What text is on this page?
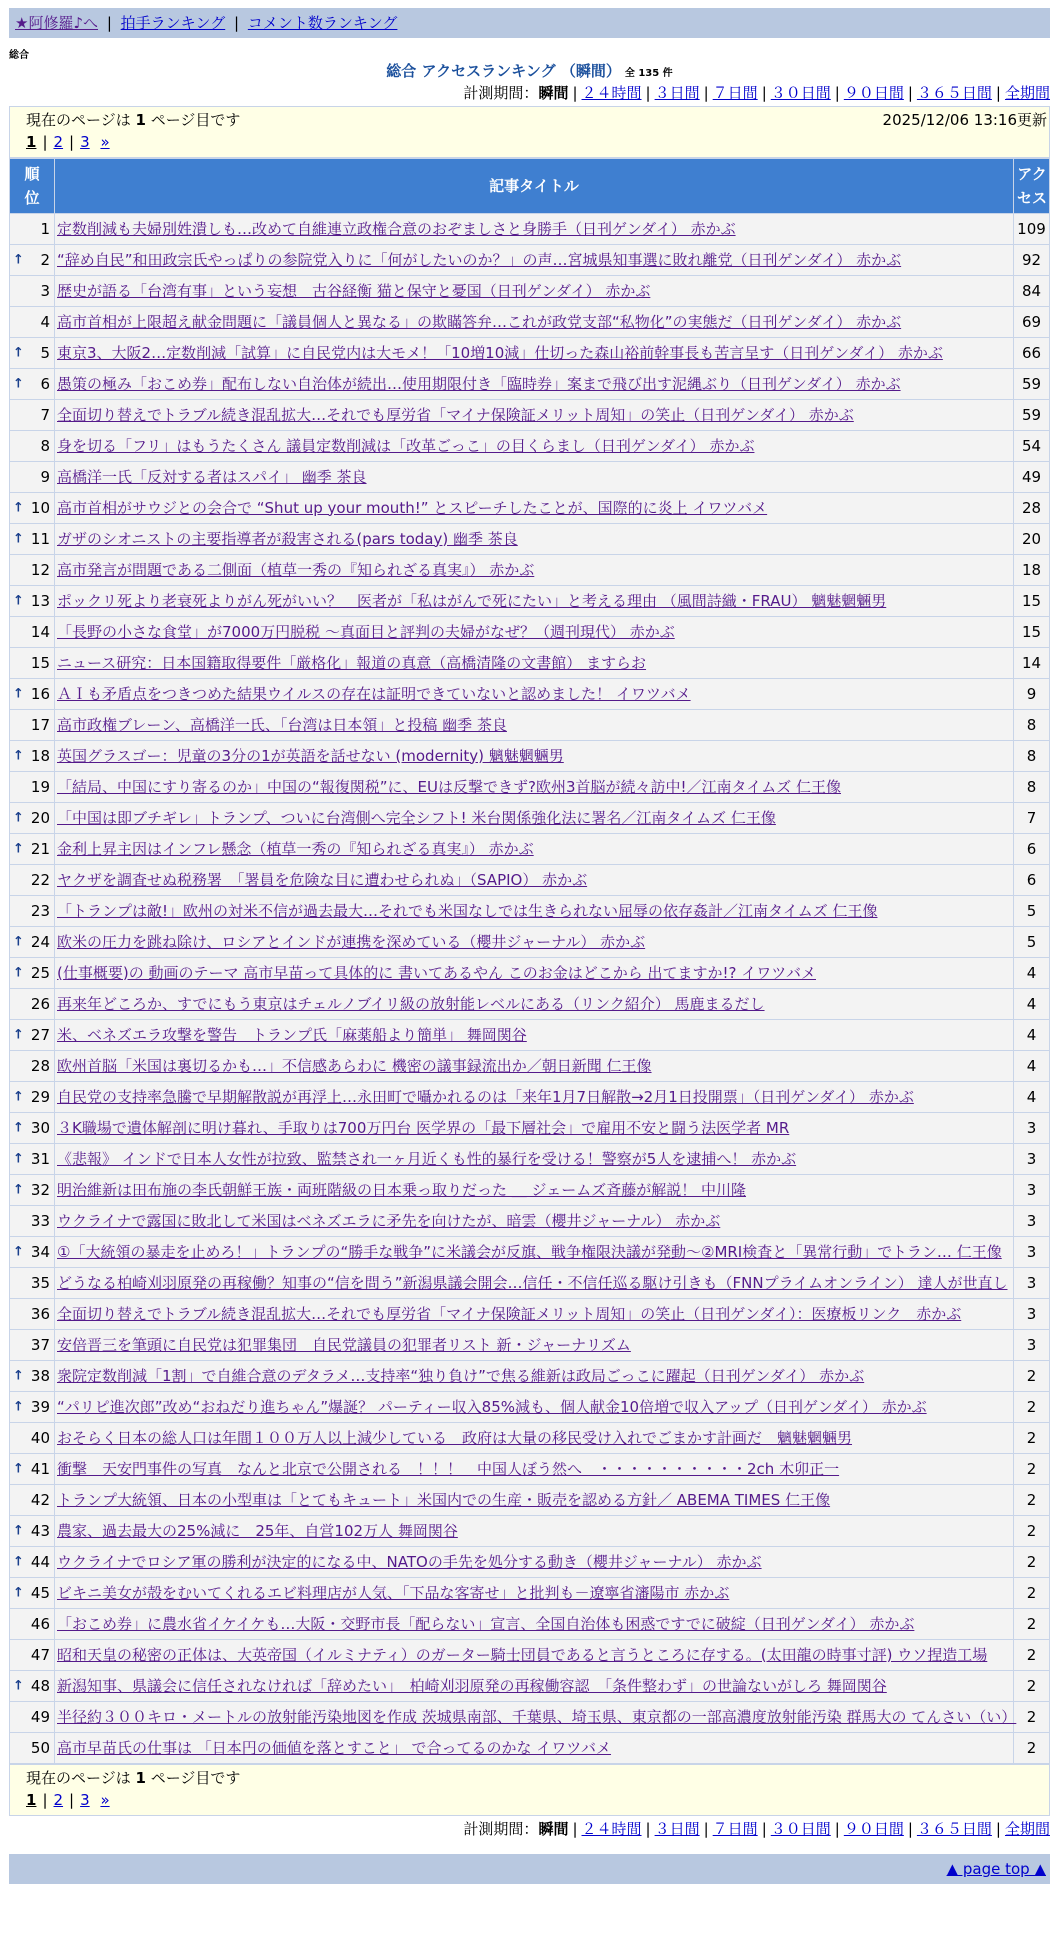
★阿修羅♪へ | 拍手ランキング | コメント数ランキング
総合
総合 アクセスランキング （瞬間） 全 135 件
計測期間：瞬間 | ２４時間 | ３日間 | ７日間 | ３０日間 | ９０日間 | ３６５日間 | 全期間
現在のページは 1 ページ目です	2025/12/06 13:16更新
1 | 2 | 3 »
順位	記事タイトル	アクセス
1	定数削減も夫婦別姓潰しも…改めて自維連立政権合意のおぞましさと身勝手（日刊ゲンダイ） 赤かぶ	109

↑ 2	“辞め自民”和田政宗氏やっぱりの参院党入りに「何がしたいのか？」の声…宮城県知事選に敗れ離党（日刊ゲンダイ） 赤かぶ	92
3	歴史が語る「台湾有事」という妄想　古谷経衡 猫と保守と憂国（日刊ゲンダイ） 赤かぶ	84
4	高市首相が上限超え献金問題に「議員個人と異なる」の欺瞞答弁…これが政党支部“私物化”の実態だ（日刊ゲンダイ） 赤かぶ	69

↑ 5	東京3、大阪2…定数削減「試算」に自民党内は大モメ！「10増10減」仕切った森山裕前幹事長も苦言呈す（日刊ゲンダイ） 赤かぶ	66

↑ 6	愚策の極み「おこめ券」配布しない自治体が続出…使用期限付き「臨時券」案まで飛び出す泥縄ぶり（日刊ゲンダイ） 赤かぶ	59
7	全面切り替えでトラブル続き混乱拡大…それでも厚労省「マイナ保険証メリット周知」の笑止（日刊ゲンダイ） 赤かぶ	59
8	身を切る「フリ」はもうたくさん 議員定数削減は「改革ごっこ」の目くらまし（日刊ゲンダイ） 赤かぶ	54
9	高橋洋一氏「反対する者はスパイ」 幽季 茶良	49

↑ 10	高市首相がサウジとの会合で “Shut up your mouth!” とスピーチしたことが、国際的に炎上 イワツバメ	28

↑ 11	ガザのシオニストの主要指導者が殺害される(pars today) 幽季 茶良	20
12	高市発言が問題である二側面（植草一秀の『知られざる真実』） 赤かぶ	18

↑ 13	ポックリ死より老衰死よりがん死がいい？　医者が「私はがんで死にたい」と考える理由 （風間詩織・FRAU） 魑魅魍魎男	15
14	「長野の小さな食堂」が7000万円脱税 ～真面目と評判の夫婦がなぜ？（週刊現代） 赤かぶ	15
15	ニュース研究：日本国籍取得要件「厳格化」報道の真意（高橋清隆の文書館） ますらお	14

↑ 16	ＡＩも矛盾点をつきつめた結果ウイルスの存在は証明できていないと認めました！ イワツバメ	9
17	高市政権ブレーン、高橋洋一氏、「台湾は日本領」と投稿 幽季 茶良	8

↑ 18	英国グラスゴー：児童の3分の1が英語を話せない (modernity) 魑魅魍魎男	8
19	「結局、中国にすり寄るのか」中国の“報復関税”に、EUは反撃できず?欧州3首脳が続々訪中!／江南タイムズ 仁王像	8

↑ 20	「中国は即ブチギレ」トランプ、ついに台湾側へ完全シフト! 米台関係強化法に署名／江南タイムズ 仁王像	7

↑ 21	金利上昇主因はインフレ懸念（植草一秀の『知られざる真実』） 赤かぶ	6
22	ヤクザを調査せぬ税務署　「署員を危険な目に遭わせられぬ」（SAPIO） 赤かぶ	6
23	「トランプは敵!」欧州の対米不信が過去最大…それでも米国なしでは生きられない屈辱の依存姦計／江南タイムズ 仁王像	5

↑ 24	欧米の圧力を跳ね除け、ロシアとインドが連携を深めている（櫻井ジャーナル） 赤かぶ	5

↑ 25	(仕事概要)の 動画のテーマ 高市早苗って具体的に 書いてあるやん このお金はどこから 出てますか!? イワツバメ	4
26	再来年どころか、すでにもう東京はチェルノブイリ級の放射能レベルにある（リンク紹介） 馬鹿まるだし	4

↑ 27	米、ベネズエラ攻撃を警告　トランプ氏「麻薬船より簡単」 舞岡関谷	4
28	欧州首脳「米国は裏切るかも…」不信感あらわに 機密の議事録流出か／朝日新聞 仁王像	4

↑ 29	自民党の支持率急騰で早期解散説が再浮上…永田町で囁かれるのは「来年1月7日解散→2月1日投開票」（日刊ゲンダイ） 赤かぶ	4

↑ 30	３K職場で遺体解剖に明け暮れ、手取りは700万円台 医学界の「最下層社会」で雇用不安と闘う法医学者 MR	3

↑ 31	《悲報》 インドで日本人女性が拉致、監禁され一ヶ月近くも性的暴行を受ける！警察が5人を逮捕へ！ 赤かぶ	3

↑ 32	明治維新は田布施の李氏朝鮮王族・両班階級の日本乗っ取りだった ＿ ジェームズ斉藤が解説！ 中川隆	3
33	ウクライナで露国に敗北して米国はベネズエラに矛先を向けたが、暗雲（櫻井ジャーナル） 赤かぶ	3

↑ 34	①「大統領の暴走を止めろ！」トランプの“勝手な戦争”に米議会が反旗、戦争権限決議が発動～②MRI検査と「異常行動」でトラン… 仁王像	3
35	どうなる柏崎刈羽原発の再稼働？知事の“信を問う”新潟県議会開会…信任・不信任巡る駆け引きも（FNNプライムオンライン） 達人が世直し	3
36	全面切り替えでトラブル続き混乱拡大…それでも厚労省「マイナ保険証メリット周知」の笑止（日刊ゲンダイ）：医療板リンク　赤かぶ	3
37	安倍晋三を筆頭に自民党は犯罪集団　自民党議員の犯罪者リスト 新・ジャーナリズム	3

↑ 38	衆院定数削減「1割」で自維合意のデタラメ…支持率“独り負け”で焦る維新は政局ごっこに躍起（日刊ゲンダイ） 赤かぶ	2

↑ 39	“パリピ進次郎”改め“おねだり進ちゃん”爆誕？ パーティー収入85%減も、個人献金10倍増で収入アップ（日刊ゲンダイ） 赤かぶ	2
40	おそらく日本の総人口は年間１００万人以上減少している　政府は大量の移民受け入れでごまかす計画だ　魑魅魍魎男	2

↑ 41	衝撃　天安門事件の写真　なんと北京で公開される　！！！　中国人ぼう然へ　・・・・・・・・・・2ch 木卯正一	2
42	トランプ大統領、日本の小型車は「とてもキュート」米国内での生産・販売を認める方針／ ABEMA TIMES 仁王像	2

↑ 43	農家、過去最大の25%減に　25年、自営102万人 舞岡関谷	2

↑ 44	ウクライナでロシア軍の勝利が決定的になる中、NATOの手先を処分する動き（櫻井ジャーナル） 赤かぶ	2

↑ 45	ビキニ美女が殻をむいてくれるエビ料理店が人気、「下品な客寄せ」と批判も－遼寧省瀋陽市 赤かぶ	2
46	「おこめ券」に農水省イケイケも…大阪・交野市長「配らない」宣言、全国自治体も困惑ですでに破綻（日刊ゲンダイ） 赤かぶ	2
47	昭和天皇の秘密の正体は、大英帝国（イルミナティ）のガーター騎士団員であると言うところに存する。(太田龍の時事寸評) ウソ捏造工場	2

↑ 48	新潟知事、県議会に信任されなければ「辞めたい」　柏崎刈羽原発の再稼働容認　「条件整わず」の世論ないがしろ 舞岡関谷	2
49	半径約３００キロ・メートルの放射能汚染地図を作成 茨城県南部、千葉県、埼玉県、東京都の一部高濃度放射能汚染 群馬大の てんさい（い）	2
50	高市早苗氏の仕事は 「日本円の価値を落とすこと」 で合ってるのかな イワツバメ	2
現在のページは 1 ページ目です
1 | 2 | 3 »
計測期間：瞬間 | ２４時間 | ３日間 | ７日間 | ３０日間 | ９０日間 | ３６５日間 | 全期間
▲ page top ▲
